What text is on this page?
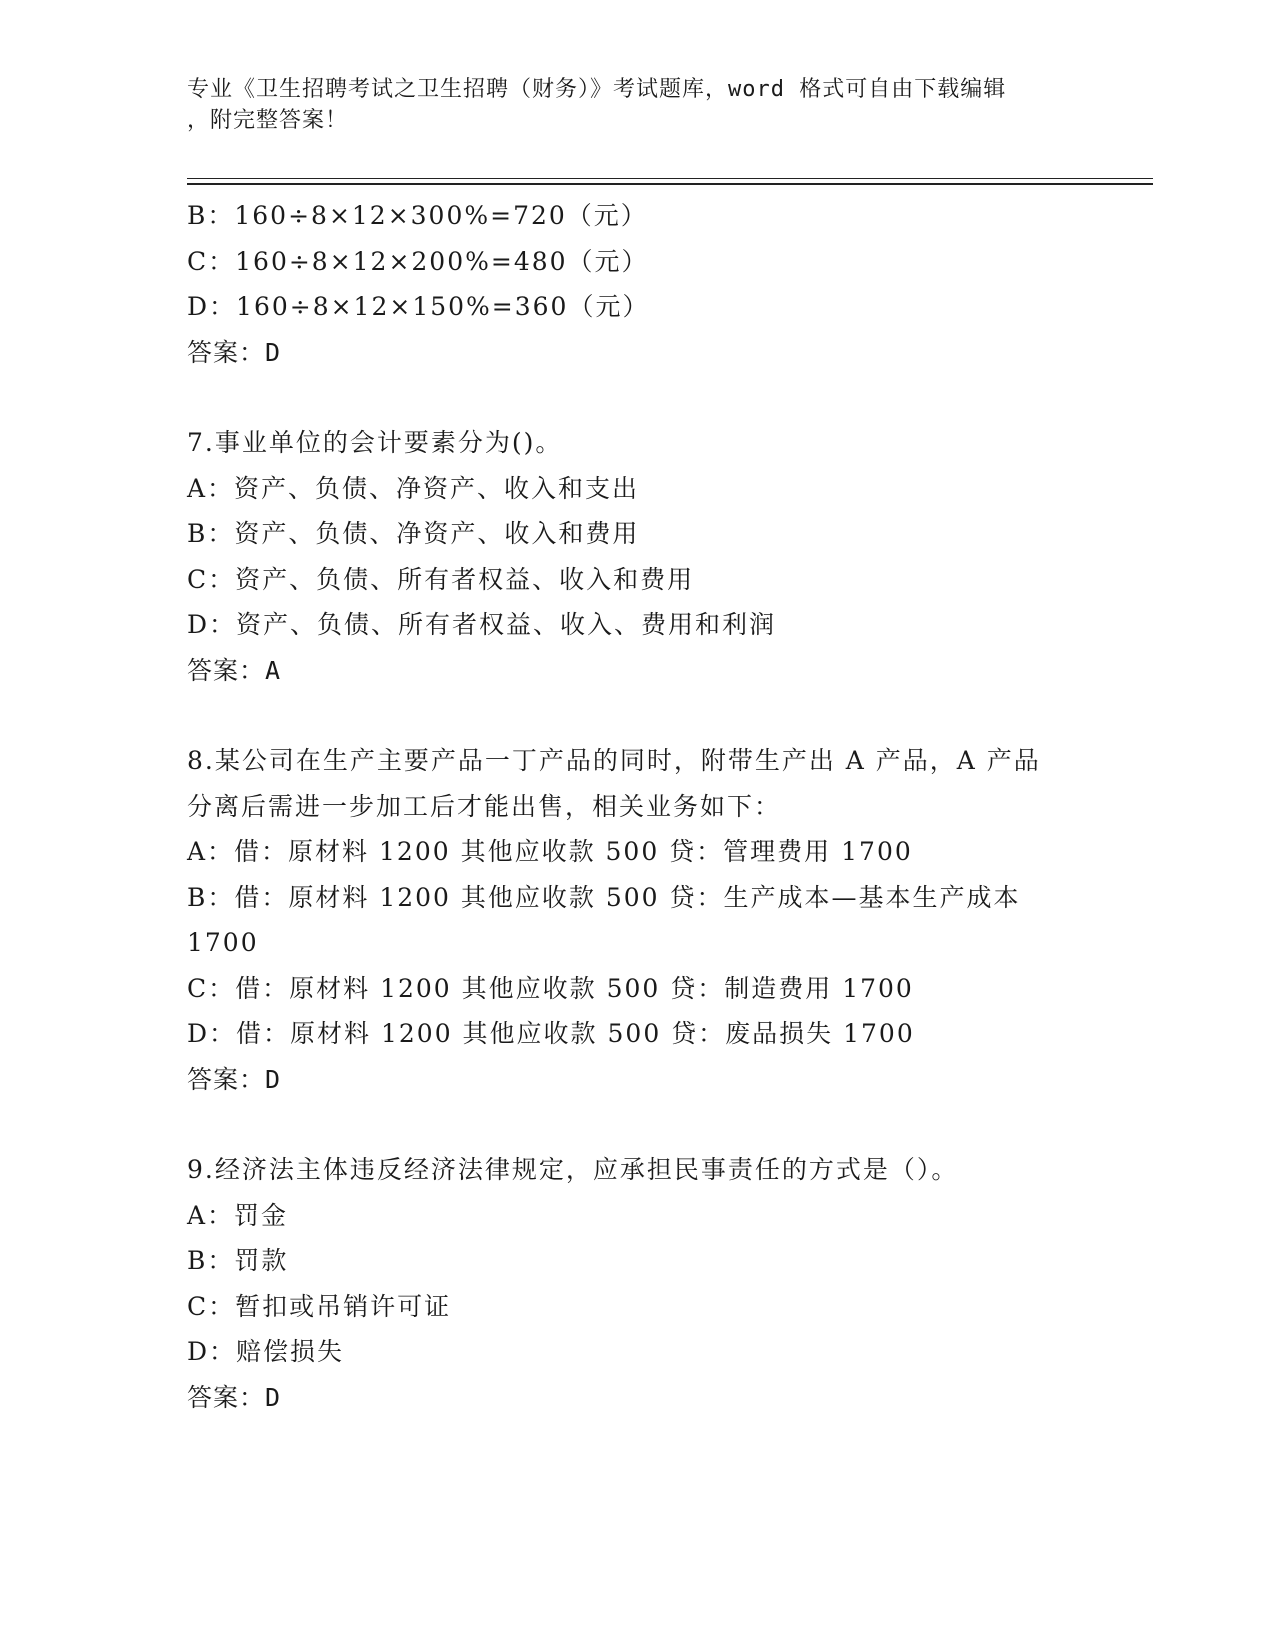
专业《卫生招聘考试之卫生招聘（财务）》考试题库，word 格式可自由下载编辑
，附完整答案！
B：160÷8×12×300%=720（元）
C：160÷8×12×200%=480（元）
D：160÷8×12×150%=360（元）
答案：D
7.事业单位的会计要素分为()。
A：资产、负债、净资产、收入和支出
B：资产、负债、净资产、收入和费用
C：资产、负债、所有者权益、收入和费用
D：资产、负债、所有者权益、收入、费用和利润
答案：A
8.某公司在生产主要产品一丁产品的同时，附带生产出 A 产品，A 产品
分离后需进一步加工后才能出售，相关业务如下：
A：借：原材料 1200 其他应收款 500 贷：管理费用 1700
B：借：原材料 1200 其他应收款 500 贷：生产成本—基本生产成本
1700
C：借：原材料 1200 其他应收款 500 贷：制造费用 1700
D：借：原材料 1200 其他应收款 500 贷：废品损失 1700
答案：D
9.经济法主体违反经济法律规定，应承担民事责任的方式是（）。
A：罚金
B：罚款
C：暂扣或吊销许可证
D：赔偿损失
答案：D
